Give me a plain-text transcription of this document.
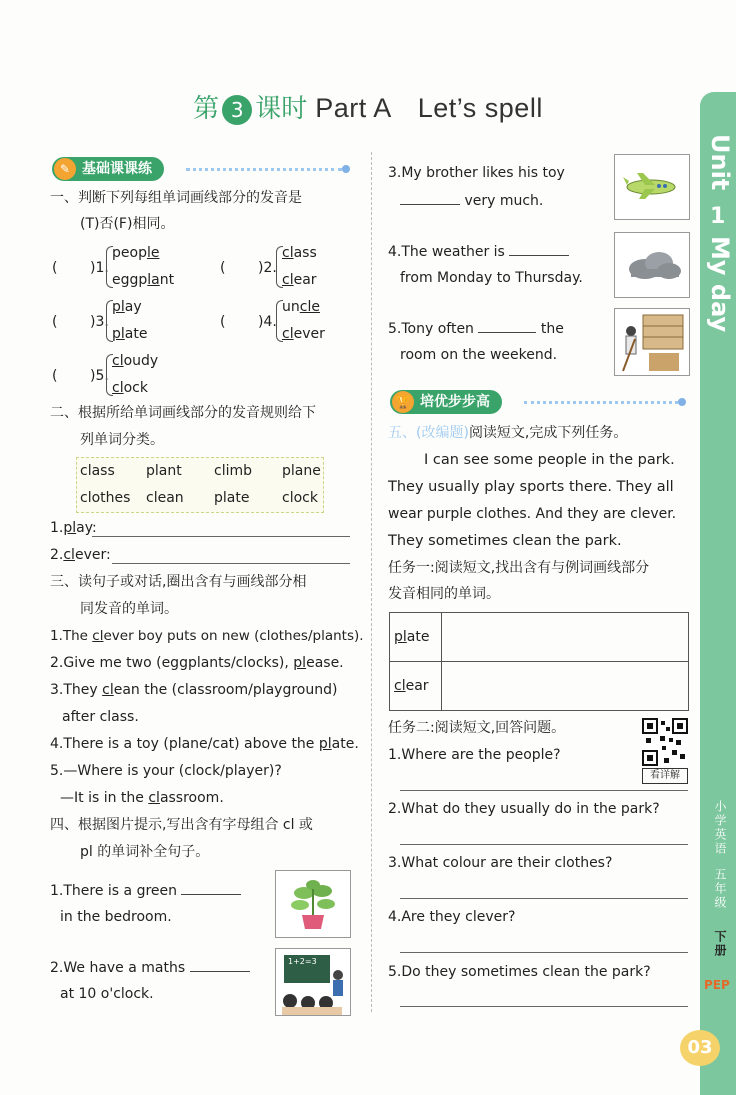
第 3 课时 Part A Let’s spell
Unit
1
My day
小学英语
五年级
下册
PEP
03
✎ 基础课课练
一、判断下列每组单词画线部分的发音是
(T)否(F)相同。
( )1.
people
eggplant
( )2.
class
clear
( )3.
play
plate
( )4.
uncle
clever
( )5.
cloudy
clock
二、根据所给单词画线部分的发音规则给下
列单词分类。
class plant climb plane
clothes clean plate clock
1.play:
2.clever:
三、读句子或对话,圈出含有与画线部分相
同发音的单词。
1.The clever boy puts on new (clothes/plants).
2.Give me two (eggplants/clocks), please.
3.They clean the (classroom/playground)
after class.
4.There is a toy (plane/cat) above the plate.
5.—Where is your (clock/player)?
—It is in the classroom.
四、根据图片提示,写出含有字母组合 cl 或
pl 的单词补全句子。
1.There is a green
in the bedroom.
2.We have a maths
at 10 o'clock.
1+2=3
3.My brother likes his toy
very much.
4.The weather is
from Monday to Thursday.
5.Tony often	the
room on the weekend.
🏆 培优步步高
五、(改编题)阅读短文,完成下列任务。
I can see some people in the park.
They usually play sports there. They all
wear purple clothes. And they are clever.
They sometimes clean the park.
任务一:阅读短文,找出含有与例词画线部分
发音相同的单词。
plate	
clear	
任务二:阅读短文,回答问题。
看详解
1.Where are the people?
2.What do they usually do in the park?
3.What colour are their clothes?
4.Are they clever?
5.Do they sometimes clean the park?
